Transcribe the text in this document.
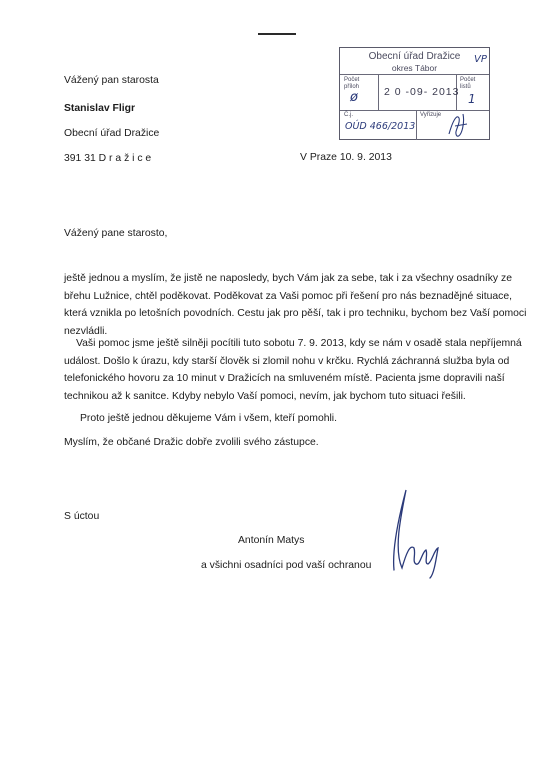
Vážený pan starosta
Stanislav Fligr
Obecní úřad Dražice
391 31 D r a ž i c e	V Praze 10. 9. 2013
Obecní úřad Dražice
okres Tábor
Počet
příloh
ø 2 0 -09- 2013
Počet
listů
1
Č.j.
OÚD 466/2013
Vyřizuje
VP
Vážený pane starosto,
ještě jednou a myslím, že jistě ne naposledy, bych Vám jak za sebe, tak i za všechny osadníky ze
břehu Lužnice, chtěl poděkovat. Poděkovat za Vaši pomoc při řešení pro nás beznadějné situace,
která vznikla po letošních povodních. Cestu jak pro pěší, tak i pro techniku, bychom bez Vaší pomoci
nezvládli.
Vaši pomoc jsme ještě silněji pocítili tuto sobotu 7. 9. 2013, kdy se nám v osadě stala nepříjemná
událost. Došlo k úrazu, kdy starší člověk si zlomil nohu v krčku. Rychlá záchranná služba byla od
telefonického hovoru za 10 minut v Dražicích na smluveném místě. Pacienta jsme dopravili naší
technikou až k sanitce. Kdyby nebylo Vaší pomoci, nevím, jak bychom tuto situaci řešili.
Proto ještě jednou děkujeme Vám i všem, kteří pomohli.
Myslím, že občané Dražic dobře zvolili svého zástupce.
S úctou
Antonín Matys
a všichni osadníci pod vaší ochranou
